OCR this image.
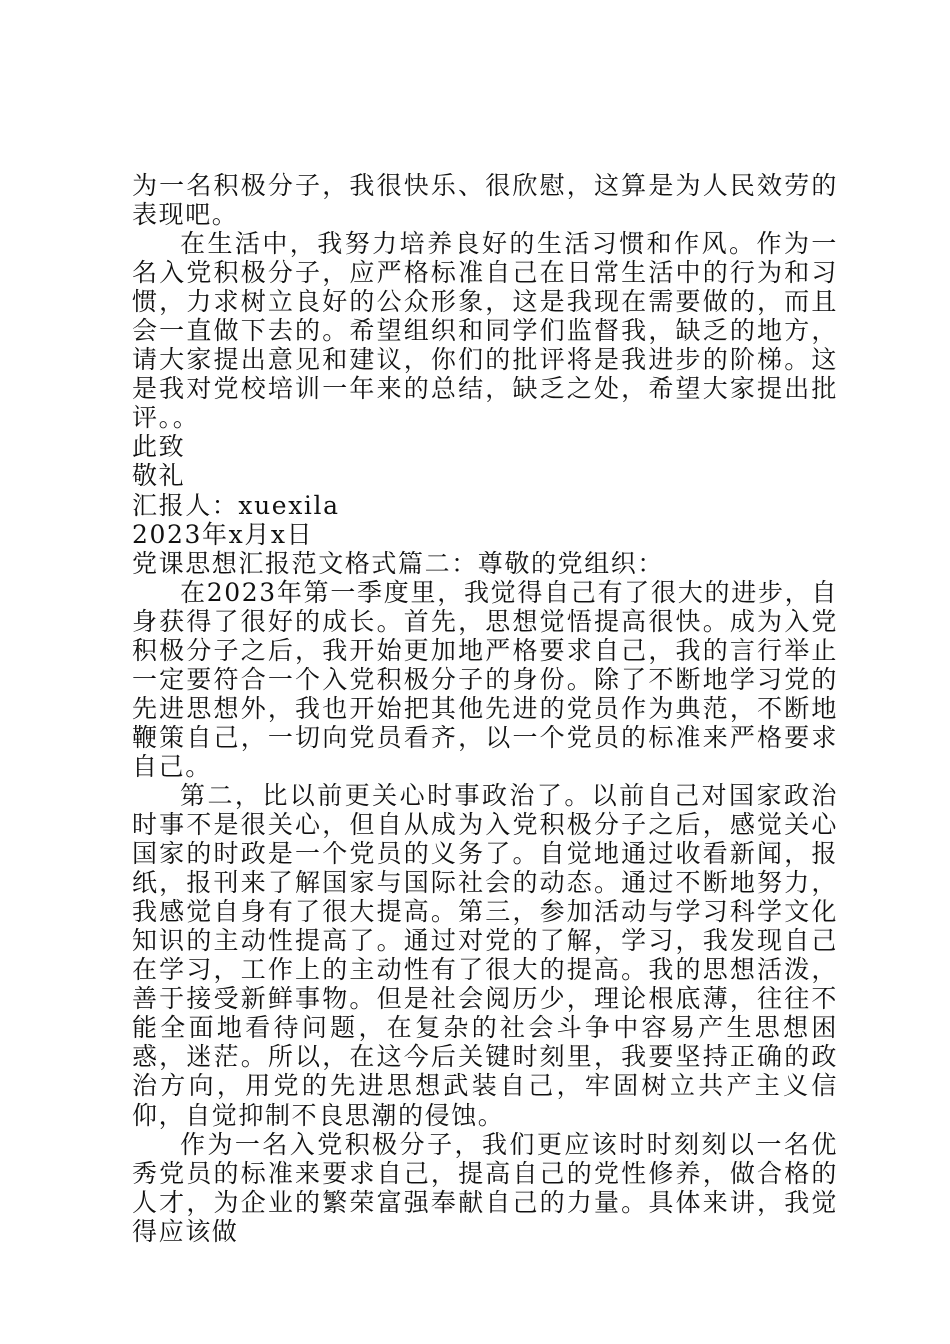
为一名积极分子，我很快乐、很欣慰，这算是为人民效劳的表现吧。

在生活中，我努力培养良好的生活习惯和作风。作为一名入党积极分子，应严格标准自己在日常生活中的行为和习惯，力求树立良好的公众形象，这是我现在需要做的，而且会一直做下去的。希望组织和同学们监督我，缺乏的地方，请大家提出意见和建议，你们的批评将是我进步的阶梯。这是我对党校培训一年来的总结，缺乏之处，希望大家提出批评。。

此致

敬礼

汇报人：xuexila

2023年x月x日

党课思想汇报范文格式篇二：尊敬的党组织：

在2023年第一季度里，我觉得自己有了很大的进步，自身获得了很好的成长。首先，思想觉悟提高很快。成为入党积极分子之后，我开始更加地严格要求自己，我的言行举止一定要符合一个入党积极分子的身份。除了不断地学习党的先进思想外，我也开始把其他先进的党员作为典范，不断地鞭策自己，一切向党员看齐，以一个党员的标准来严格要求自己。

第二，比以前更关心时事政治了。以前自己对国家政治时事不是很关心，但自从成为入党积极分子之后，感觉关心国家的时政是一个党员的义务了。自觉地通过收看新闻，报纸，报刊来了解国家与国际社会的动态。通过不断地努力，我感觉自身有了很大提高。第三，参加活动与学习科学文化知识的主动性提高了。通过对党的了解，学习，我发现自己在学习，工作上的主动性有了很大的提高。我的思想活泼，善于接受新鲜事物。但是社会阅历少，理论根底薄，往往不能全面地看待问题，在复杂的社会斗争中容易产生思想困惑，迷茫。所以，在这今后关键时刻里，我要坚持正确的政治方向，用党的先进思想武装自己，牢固树立共产主义信仰，自觉抑制不良思潮的侵蚀。

作为一名入党积极分子，我们更应该时时刻刻以一名优秀党员的标准来要求自己，提高自己的党性修养，做合格的人才，为企业的繁荣富强奉献自己的力量。具体来讲，我觉得应该做
